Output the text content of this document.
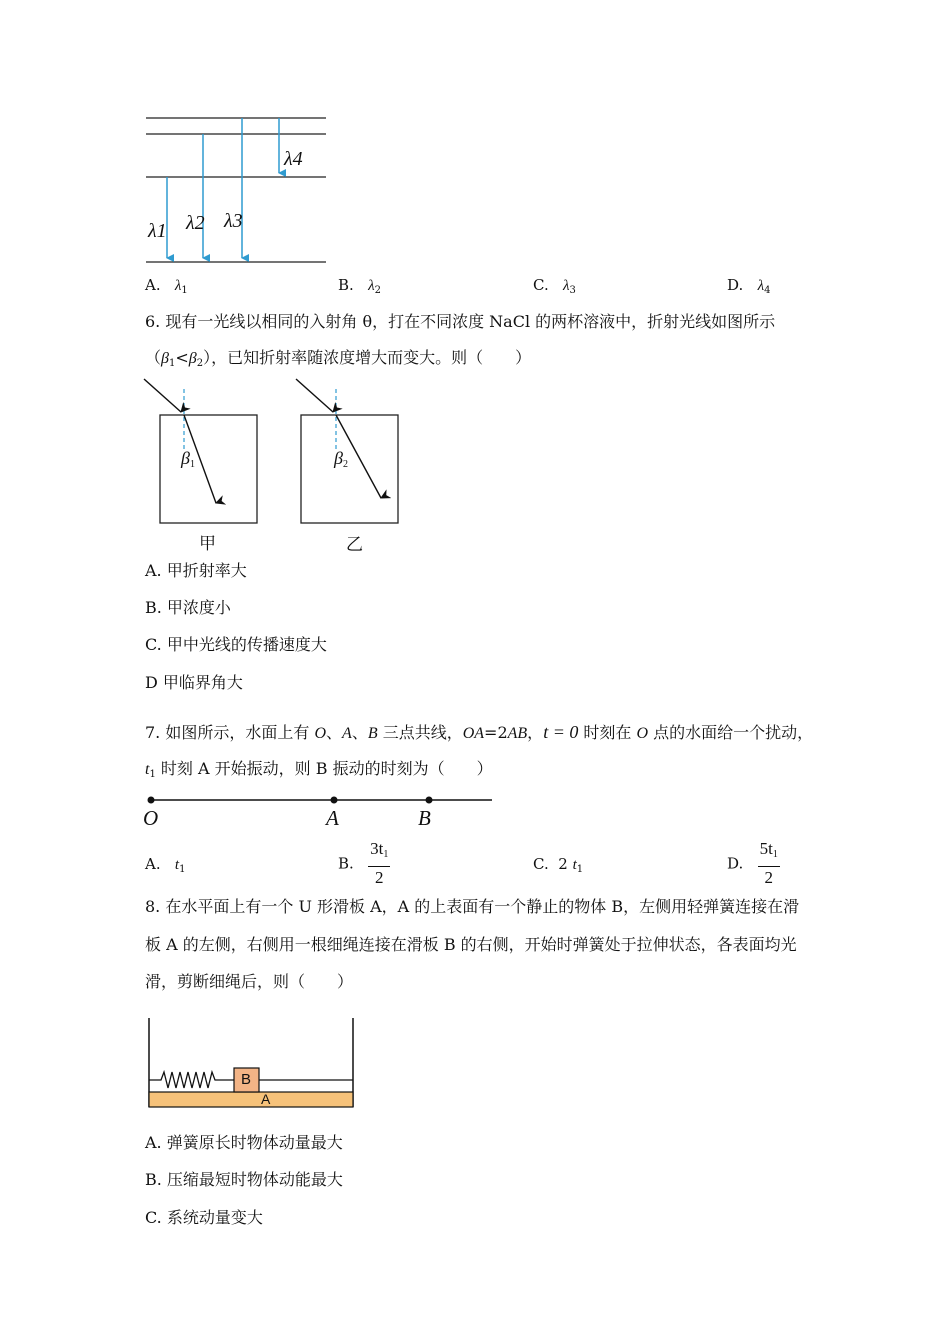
λ1 λ2 λ3
λ4
A. $\lambda_1$	B. $\lambda_2$	C. $\lambda_3$	D. $\lambda_4$
6. 现有一光线以相同的入射角 θ，打在不同浓度 NaCl 的两杯溶液中，折射光线如图所示
$(\beta_1<\beta_2)$，已知折射率随浓度增大而变大。则（　　）
$\beta_1$	$\beta_2$
甲	乙
A. 甲折射率大
B. 甲浓度小
C. 甲中光线的传播速度大
D 甲临界角大
7. 如图所示，水面上有 O、A、B 三点共线，OA=2AB，t = 0 时刻在 O 点的水面给一个扰动，
$t_1$ 时刻 A 开始振动，则 B 振动的时刻为（　　）
O	A	B
A. $t_1$	B. $\frac{3t_1}{2}$	C. 2 $t_1$	D. $\frac{5t_1}{2}$
8. 在水平面上有一个 U 形滑板 A，A 的上表面有一个静止的物体 B，左侧用轻弹簧连接在滑
板 A 的左侧，右侧用一根细绳连接在滑板 B 的右侧，开始时弹簧处于拉伸状态，各表面均光
滑，剪断细绳后，则（　　）
B
A
A. 弹簧原长时物体动量最大
B. 压缩最短时物体动能最大
C. 系统动量变大
